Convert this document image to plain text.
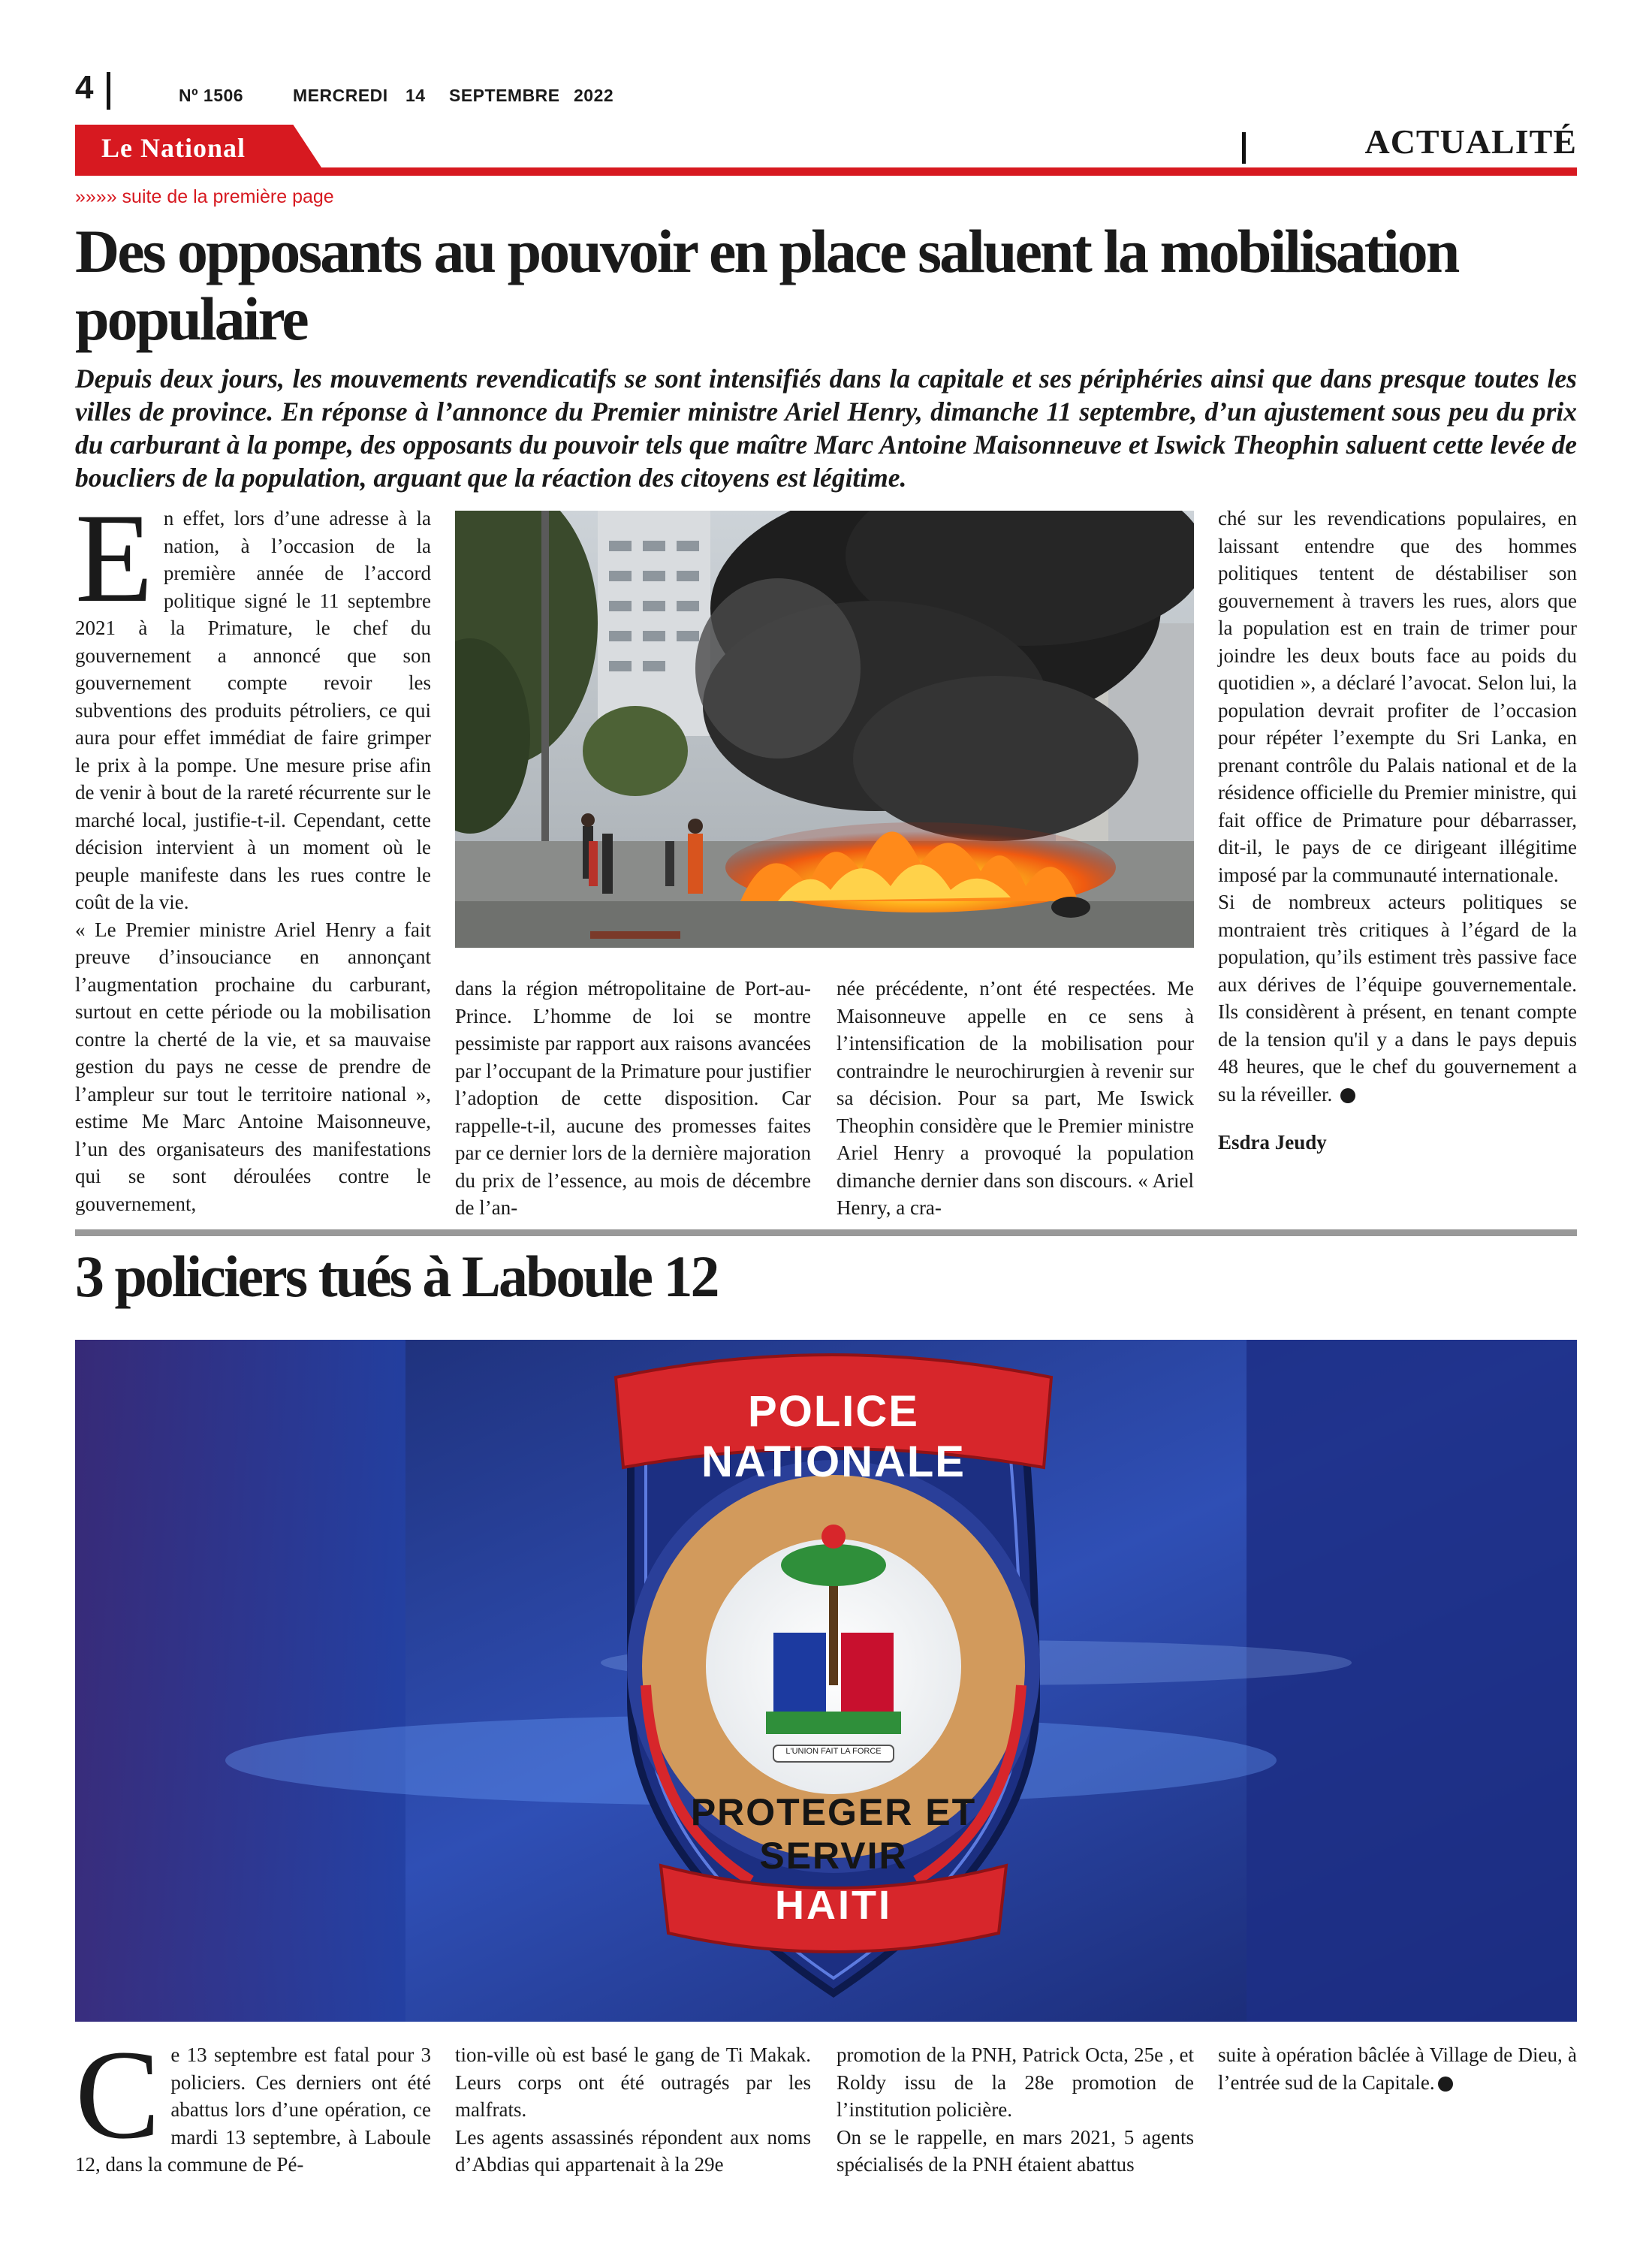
4	Nº 1506	MERCREDI 14 SEPTEMBRE 2022
Le National	ACTUALITÉ
»»»» suite de la première page
Des opposants au pouvoir en place saluent la mobilisation populaire

Depuis deux jours, les mouvements revendicatifs se sont intensifiés dans la capitale et ses périphéries ainsi que dans presque toutes les villes de province. En réponse à l’annonce du Premier ministre Ariel Henry, dimanche 11 septembre, d’un ajustement sous peu du prix du carburant à la pompe, des opposants du pouvoir tels que maître Marc Antoine Maisonneuve et Iswick Theophin saluent cette levée de boucliers de la population, arguant que la réaction des citoyens est légitime.

E n effet, lors d’une adresse à la nation, à l’occasion de la première année de l’accord politique signé le 11 septembre 2021 à la Primature, le chef du gouvernement a annoncé que son gouvernement compte revoir les subventions des produits pétroliers, ce qui aura pour effet immédiat de faire grimper le prix à la pompe. Une mesure prise afin de venir à bout de la rareté récurrente sur le marché local, justifie-t-il. Cependant, cette décision intervient à un moment où le peuple manifeste dans les rues contre le coût de la vie.

« Le Premier ministre Ariel Henry a fait preuve d’insouciance en annonçant l’augmentation prochaine du carburant, surtout en cette période ou la mobilisation contre la cherté de la vie, et sa mauvaise gestion du pays ne cesse de prendre de l’ampleur sur tout le territoire national », estime Me Marc Antoine Maisonneuve, l’un des organisateurs des manifestations qui se sont déroulées contre le gouvernement,

dans la région métropolitaine de Port-au-Prince. L’homme de loi se montre pessimiste par rapport aux raisons avancées par l’occupant de la Primature pour justifier l’adoption de cette disposition. Car rappelle-t-il, aucune des promesses faites par ce dernier lors de la dernière majoration du prix de l’essence, au mois de décembre de l’an-

née précédente, n’ont été respectées. Me Maisonneuve appelle en ce sens à l’intensification de la mobilisation pour contraindre le neurochirurgien à revenir sur sa décision. Pour sa part, Me Iswick Theophin considère que le Premier ministre Ariel Henry a provoqué la population dimanche dernier dans son discours. « Ariel Henry, a cra-

ché sur les revendications populaires, en laissant entendre que des hommes politiques tentent de déstabiliser son gouvernement à travers les rues, alors que la population est en train de trimer pour joindre les deux bouts face au poids du quotidien », a déclaré l’avocat. Selon lui, la population devrait profiter de l’occasion pour répéter l’exempte du Sri Lanka, en prenant contrôle du Palais national et de la résidence officielle du Premier ministre, qui fait office de Primature pour débarrasser, dit-il, le pays de ce dirigeant illégitime imposé par la communauté internationale.

Si de nombreux acteurs politiques se montraient très critiques à l’égard de la population, qu’ils estiment très passive face aux dérives de l’équipe gouvernementale. Ils considèrent à présent, en tenant compte de la tension qu'il y a dans le pays depuis 48 heures, que le chef du gouvernement a su la réveiller.

Esdra Jeudy

3 policiers tués à Laboule 12
POLICE NATIONALE
PROTEGER ET SERVIR
L'UNION FAIT LA FORCE
HAITI
C e 13 septembre est fatal pour 3 policiers. Ces derniers ont été abattus lors d’une opération, ce mardi 13 septembre, à Laboule 12, dans la commune de Pé-

tion-ville où est basé le gang de Ti Makak. Leurs corps ont été outragés par les malfrats.

Les agents assassinés répondent aux noms d’Abdias qui appartenait à la 29e

promotion de la PNH, Patrick Octa, 25e , et Roldy issu de la 28e promotion de l’institution policière.

On se le rappelle, en mars 2021, 5 agents spécialisés de la PNH étaient abattus

suite à opération bâclée à Village de Dieu, à l’entrée sud de la Capitale.
